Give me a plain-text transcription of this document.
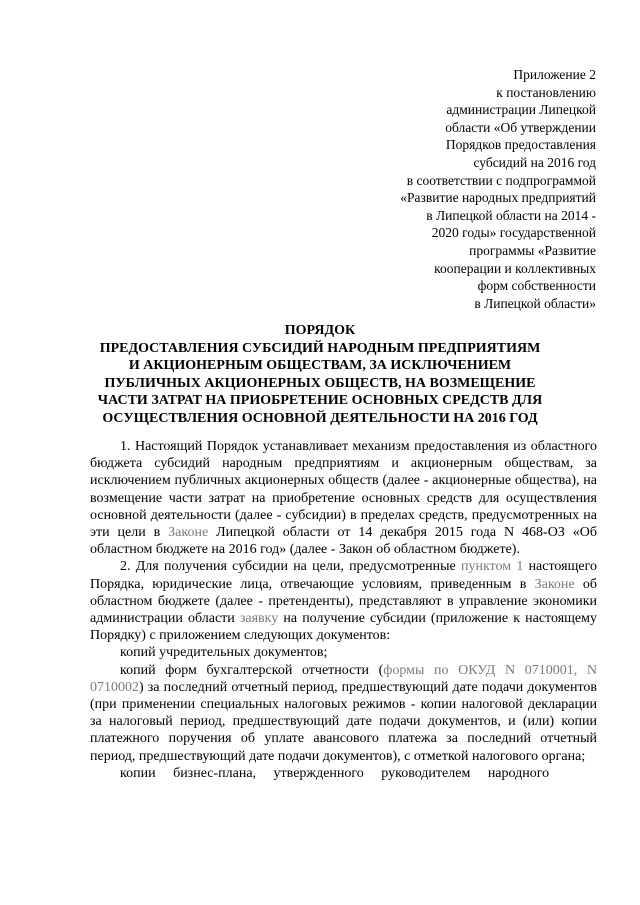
Приложение 2
к постановлению
администрации Липецкой
области «Об утверждении
Порядков предоставления
субсидий на 2016 год
в соответствии с подпрограммой
«Развитие народных предприятий
в Липецкой области на 2014 -
2020 годы» государственной
программы «Развитие
кооперации и коллективных
форм собственности
в Липецкой области»
ПОРЯДОК
ПРЕДОСТАВЛЕНИЯ СУБСИДИЙ НАРОДНЫМ ПРЕДПРИЯТИЯМ
И АКЦИОНЕРНЫМ ОБЩЕСТВАМ, ЗА ИСКЛЮЧЕНИЕМ
ПУБЛИЧНЫХ АКЦИОНЕРНЫХ ОБЩЕСТВ, НА ВОЗМЕЩЕНИЕ
ЧАСТИ ЗАТРАТ НА ПРИОБРЕТЕНИЕ ОСНОВНЫХ СРЕДСТВ ДЛЯ
ОСУЩЕСТВЛЕНИЯ ОСНОВНОЙ ДЕЯТЕЛЬНОСТИ НА 2016 ГОД

1. Настоящий Порядок устанавливает механизм предоставления из областного бюджета субсидий народным предприятиям и акционерным обществам, за исключением публичных акционерных обществ (далее - акционерные общества), на возмещение части затрат на приобретение основных средств для осуществления основной деятельности (далее - субсидии) в пределах средств, предусмотренных на эти цели в Законе Липецкой области от 14 декабря 2015 года N 468-ОЗ «Об областном бюджете на 2016 год» (далее - Закон об областном бюджете).

2. Для получения субсидии на цели, предусмотренные пунктом 1 настоящего Порядка, юридические лица, отвечающие условиям, приведенным в Законе об областном бюджете (далее - претенденты), представляют в управление экономики администрации области заявку на получение субсидии (приложение к настоящему Порядку) с приложением следующих документов:

копий учредительных документов;

копий форм бухгалтерской отчетности (формы по ОКУД N 0710001, N 0710002) за последний отчетный период, предшествующий дате подачи документов (при применении специальных налоговых режимов - копии налоговой декларации за налоговый период, предшествующий дате подачи документов, и (или) копии платежного поручения об уплате авансового платежа за последний отчетный период, предшествующий дате подачи документов), с отметкой налогового органа;

копии     бизнес-плана,     утвержденного     руководителем     народного
